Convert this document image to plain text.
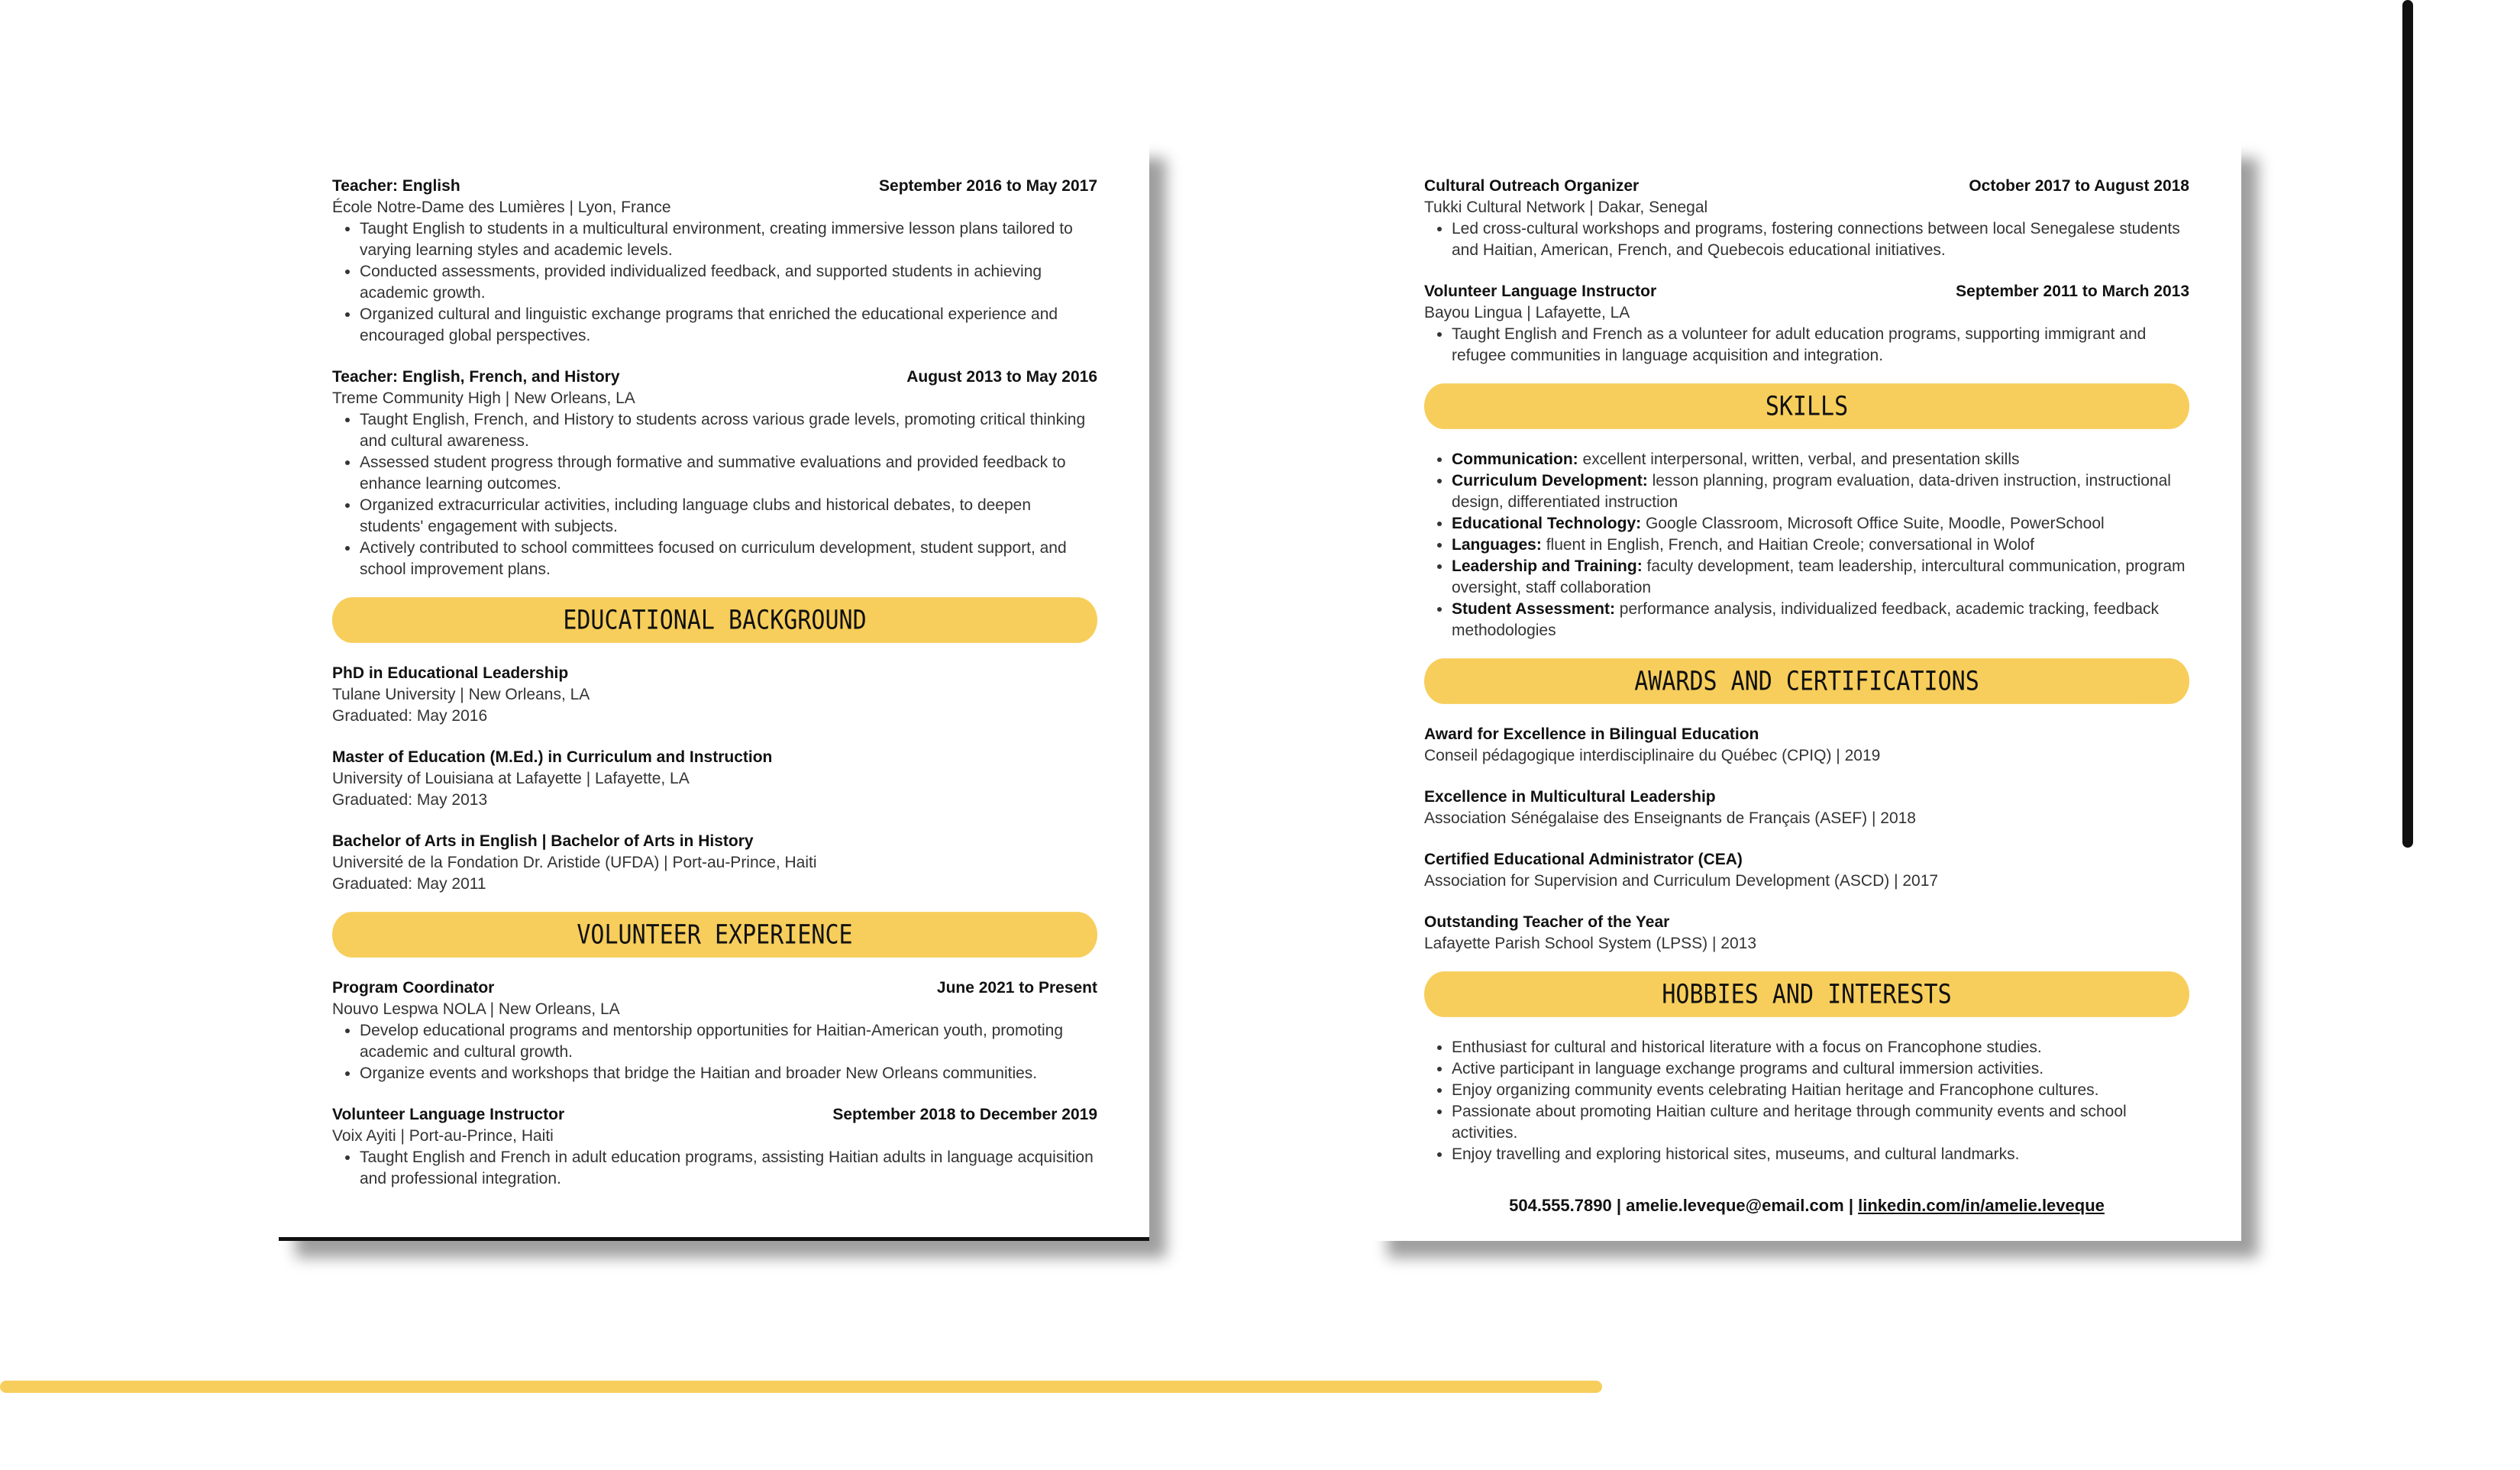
Teacher: English	September 2016 to May 2017
École Notre-Dame des Lumières | Lyon, France
• Taught English to students in a multicultural environment, creating immersive lesson plans tailored to varying learning styles and academic levels.
• Conducted assessments, provided individualized feedback, and supported students in achieving academic growth.
• Organized cultural and linguistic exchange programs that enriched the educational experience and encouraged global perspectives.
Teacher: English, French, and History	August 2013 to May 2016
Treme Community High | New Orleans, LA
• Taught English, French, and History to students across various grade levels, promoting critical thinking and cultural awareness.
• Assessed student progress through formative and summative evaluations and provided feedback to enhance learning outcomes.
• Organized extracurricular activities, including language clubs and historical debates, to deepen students' engagement with subjects.
• Actively contributed to school committees focused on curriculum development, student support, and school improvement plans.
EDUCATIONAL BACKGROUND
PhD in Educational Leadership
Tulane University | New Orleans, LA
Graduated: May 2016
Master of Education (M.Ed.) in Curriculum and Instruction
University of Louisiana at Lafayette | Lafayette, LA
Graduated: May 2013
Bachelor of Arts in English | Bachelor of Arts in History
Université de la Fondation Dr. Aristide (UFDA) | Port-au-Prince, Haiti
Graduated: May 2011
VOLUNTEER EXPERIENCE
Program Coordinator	June 2021 to Present
Nouvo Lespwa NOLA | New Orleans, LA
• Develop educational programs and mentorship opportunities for Haitian-American youth, promoting academic and cultural growth.
• Organize events and workshops that bridge the Haitian and broader New Orleans communities.
Volunteer Language Instructor	September 2018 to December 2019
Voix Ayiti | Port-au-Prince, Haiti
• Taught English and French in adult education programs, assisting Haitian adults in language acquisition and professional integration.
Cultural Outreach Organizer	October 2017 to August 2018
Tukki Cultural Network | Dakar, Senegal
• Led cross-cultural workshops and programs, fostering connections between local Senegalese students and Haitian, American, French, and Quebecois educational initiatives.
Volunteer Language Instructor	September 2011 to March 2013
Bayou Lingua | Lafayette, LA
• Taught English and French as a volunteer for adult education programs, supporting immigrant and refugee communities in language acquisition and integration.
SKILLS
• Communication: excellent interpersonal, written, verbal, and presentation skills
• Curriculum Development: lesson planning, program evaluation, data-driven instruction, instructional design, differentiated instruction
• Educational Technology: Google Classroom, Microsoft Office Suite, Moodle, PowerSchool
• Languages: fluent in English, French, and Haitian Creole; conversational in Wolof
• Leadership and Training: faculty development, team leadership, intercultural communication, program oversight, staff collaboration
• Student Assessment: performance analysis, individualized feedback, academic tracking, feedback methodologies
AWARDS AND CERTIFICATIONS
Award for Excellence in Bilingual Education
Conseil pédagogique interdisciplinaire du Québec (CPIQ) | 2019
Excellence in Multicultural Leadership
Association Sénégalaise des Enseignants de Français (ASEF) | 2018
Certified Educational Administrator (CEA)
Association for Supervision and Curriculum Development (ASCD) | 2017
Outstanding Teacher of the Year
Lafayette Parish School System (LPSS) | 2013
HOBBIES AND INTERESTS
• Enthusiast for cultural and historical literature with a focus on Francophone studies.
• Active participant in language exchange programs and cultural immersion activities.
• Enjoy organizing community events celebrating Haitian heritage and Francophone cultures.
• Passionate about promoting Haitian culture and heritage through community events and school activities.
• Enjoy travelling and exploring historical sites, museums, and cultural landmarks.
504.555.7890 | amelie.leveque@email.com | linkedin.com/in/amelie.leveque
